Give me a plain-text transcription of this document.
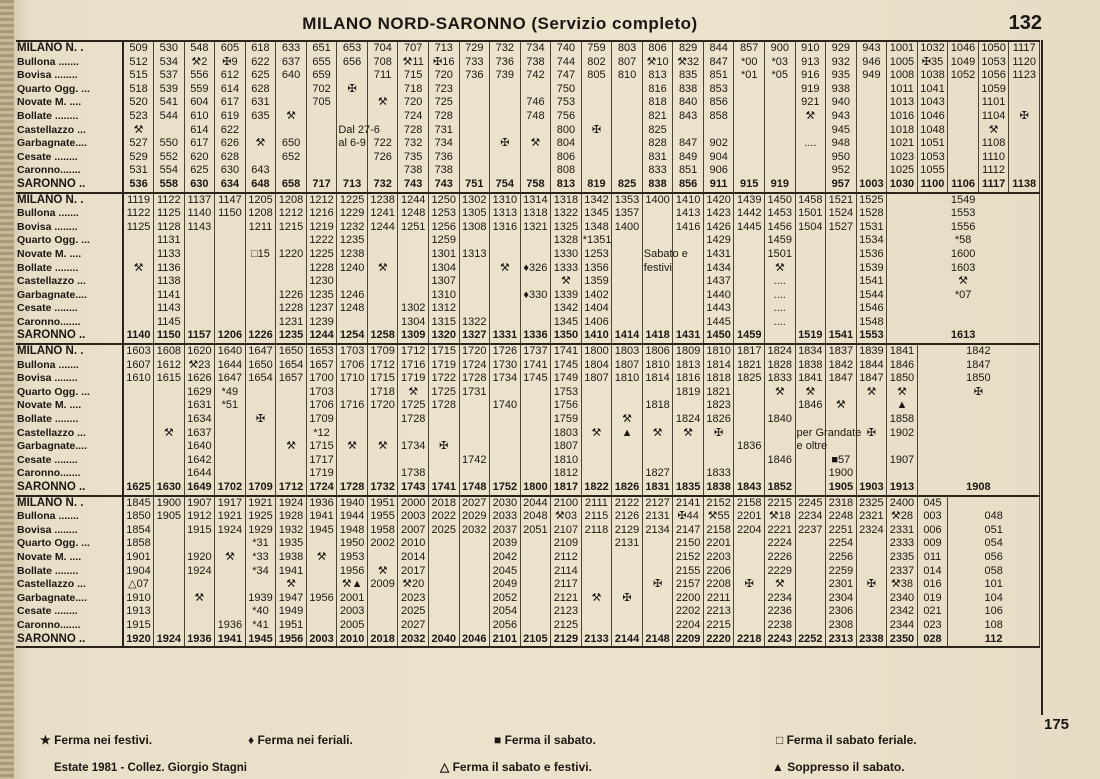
MILANO NORD-SARONNO (Servizio completo)	132
175
MILANO N. .	509	530	548	605	618	633	651	653	704	707	713	729	732	734	740	759	803	806	829	844	857	900	910	929	943	1001	1032	1046	1050	1117
Bullona .......	512	534	⚒2	✠9	622	637	655	656	708	⚒11	✠16	733	736	738	744	802	807	⚒10	⚒32	847	*00	*03	913	932	946	1005	✠35	1049	1053	1120
Bovisa ........	515	537	556	612	625	640	659		711	715	720	736	739	742	747	805	810	813	835	851	*01	*05	916	935	949	1008	1038	1052	1056	1123
Quarto Ogg. ...	518	539	559	614	628		702	✠		718	723				750			816	838	853			919	938		1011	1041		1059	
Novate M. ....	520	541	604	617	631		705		⚒	720	725			746	753			818	840	856			921	940		1013	1043		1101	
Bollate ........	523	544	610	619	635	⚒				724	728			748	756			821	843	858			⚒	943		1016	1046		1104	✠
Castellazzo ...	⚒		614	622				Dal 27-6		728	731				800	✠		825						945		1018	1048		⚒	
Garbagnate....	527	550	617	626	⚒	650		al 6-9	722	732	734		✠	⚒	804			828	847	902			....	948		1021	1051		1108	
Cesate ........	529	552	620	628		652			726	735	736				806			831	849	904				950		1023	1053		1110	
Caronno.......	531	554	625	630	643					738	738				808			833	851	906				952		1025	1055		1112	
SARONNO ..	536	558	630	634	648	658	717	713	732	743	743	751	754	758	813	819	825	838	856	911	915	919		957	1003	1030	1100	1106	1117	1138
MILANO N. .	1119	1122	1137	1147	1205	1208	1212	1225	1238	1244	1250	1302	1310	1314	1318	1342	1353	1400	1410	1420	1439	1450	1458	1521	1525	1549				
Bullona .......	1122	1125	1140	1150	1208	1212	1216	1229	1241	1248	1253	1305	1313	1318	1322	1345	1357		1413	1423	1442	1453	1501	1524	1528	1553				
Bovisa ........	1125	1128	1143		1211	1215	1219	1232	1244	1251	1256	1308	1316	1321	1325	1348	1400		1416	1426	1445	1456	1504	1527	1531	1556				
Quarto Ogg. ...		1131					1222	1235			1259				1328	*1351				1429		1459			1534	*58				
Novate M. ....		1133			□15	1220	1225	1238			1301	1313			1330	1253		Sabato e		1431		1501			1536	1600				
Bollate ........	⚒	1136					1228	1240	⚒		1304		⚒	♦326	1333	1356		festivi		1434		⚒			1539	1603				
Castellazzo ...		1138					1230				1307				⚒	1359				1437		....			1541	⚒				
Garbagnate....		1141				1226	1235	1246			1310			♦330	1339	1402				1440		....			1544	*07				
Cesate ........		1143				1228	1237	1248		1302	1312				1342	1404				1443		....			1546					
Caronno.......		1145				1231	1239			1304	1315	1322			1345	1406				1445		....			1548					
SARONNO ..	1140	1150	1157	1206	1226	1235	1244	1254	1258	1309	1320	1327	1331	1336	1350	1410	1414	1418	1431	1450	1459		1519	1541	1553	1613				
MILANO N. .	1603	1608	1620	1640	1647	1650	1653	1703	1709	1712	1715	1720	1726	1737	1741	1800	1803	1806	1809	1810	1817	1824	1834	1837	1839	1841	1842			
Bullona .......	1607	1612	⚒23	1644	1650	1654	1657	1706	1712	1716	1719	1724	1730	1741	1745	1804	1807	1810	1813	1814	1821	1828	1838	1842	1844	1846	1847			
Bovisa ........	1610	1615	1626	1647	1654	1657	1700	1710	1715	1719	1722	1728	1734	1745	1749	1807	1810	1814	1816	1818	1825	1833	1841	1847	1847	1850	1850			
Quarto Ogg. ...			1629	*49			1703		1718	⚒	1725	1731			1753				1819	1821		⚒	⚒		⚒	⚒	✠			
Novate M. ....			1631	*51			1706	1716	1720	1725	1728		1740		1756			1818		1823			1846	⚒		▲				
Bollate ........			1634		✠		1709			1728					1759		⚒		1824	1826		1840				1858				
Castellazzo ...		⚒	1637				*12								1803	⚒	▲	⚒	⚒	✠			per Grandate		✠	1902				
Garbagnate....			1640			⚒	1715	⚒	⚒	1734	✠				1807						1836		e oltre							
Cesate ........			1642				1717					1742			1810							1846		■57		1907				
Caronno.......			1644				1719			1738					1812			1827		1833				1900						
SARONNO ..	1625	1630	1649	1702	1709	1712	1724	1728	1732	1743	1741	1748	1752	1800	1817	1822	1826	1831	1835	1838	1843	1852		1905	1903	1913	1908			
MILANO N. .	1845	1900	1907	1917	1921	1924	1936	1940	1951	2000	2018	2027	2030	2044	2100	2111	2122	2127	2141	2152	2158	2215	2245	2318	2325	2400	045			
Bullona .......	1850	1905	1912	1921	1925	1928	1941	1944	1955	2003	2022	2029	2033	2048	⚒03	2115	2126	2131	✠44	⚒55	2201	⚒18	2234	2248	2321	⚒28	003	048		
Bovisa ........	1854		1915	1924	1929	1932	1945	1948	1958	2007	2025	2032	2037	2051	2107	2118	2129	2134	2147	2158	2204	2221	2237	2251	2324	2331	006	051		
Quarto Ogg. ...	1858				*31	1935		1950	2002	2010			2039		2109		2131		2150	2201		2224		2254		2333	009	054		
Novate M. ....	1901		1920	⚒	*33	1938	⚒	1953		2014			2042		2112				2152	2203		2226		2256		2335	011	056		
Bollate ........	1904		1924		*34	1941		1956	⚒	2017			2045		2114				2155	2206		2229		2259		2337	014	058		
Castellazzo ...	△07					⚒		⚒▲	2009	⚒20			2049		2117			✠	2157	2208	✠	⚒		2301	✠	⚒38	016	101		
Garbagnate....	1910		⚒		1939	1947	1956	2001		2023			2052		2121	⚒	✠		2200	2211		2234		2304		2340	019	104		
Cesate ........	1913				*40	1949		2003		2025			2054		2123				2202	2213		2236		2306		2342	021	106		
Caronno.......	1915			1936	*41	1951		2005		2027			2056		2125				2204	2215		2238		2308		2344	023	108		
SARONNO ..	1920	1924	1936	1941	1945	1956	2003	2010	2018	2032	2040	2046	2101	2105	2129	2133	2144	2148	2209	2220	2218	2243	2252	2313	2338	2350	028	112		
★ Ferma nei festivi.	♦ Ferma nei feriali.	■ Ferma il sabato.	□ Ferma il sabato feriale.
△ Ferma il sabato e festivi.	▲ Soppresso il sabato.
Estate 1981 - Collez. Giorgio Stagni
